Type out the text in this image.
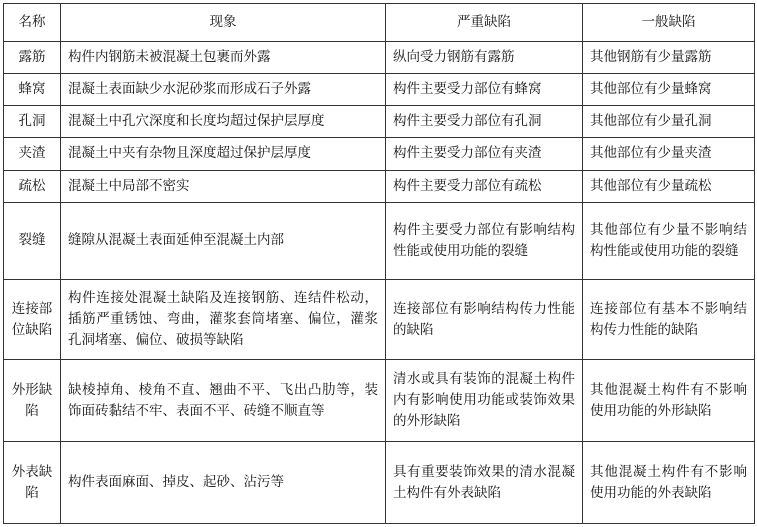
名称	现象	严重缺陷	一般缺陷
露筋	构件内钢筋未被混凝土包裹而外露	纵向受力钢筋有露筋	其他钢筋有少量露筋
蜂窝	混凝土表面缺少水泥砂浆而形成石子外露	构件主要受力部位有蜂窝	其他部位有少量蜂窝
孔洞	混凝土中孔穴深度和长度均超过保护层厚度	构件主要受力部位有孔洞	其他部位有少量孔洞
夹渣	混凝土中夹有杂物且深度超过保护层厚度	构件主要受力部位有夹渣	其他部位有少量夹渣
疏松	混凝土中局部不密实	构件主要受力部位有疏松	其他部位有少量疏松
裂缝	缝隙从混凝土表面延伸至混凝土内部	构件主要受力部位有影响结构性能或使用功能的裂缝	其他部位有少量不影响结构性能或使用功能的裂缝
连接部位缺陷	构件连接处混凝土缺陷及连接钢筋、连结件松动，插筋严重锈蚀、弯曲，灌浆套筒堵塞、偏位，灌浆孔洞堵塞、偏位、破损等缺陷	连接部位有影响结构传力性能的缺陷	连接部位有基本不影响结构传力性能的缺陷
外形缺陷	缺棱掉角、棱角不直、翘曲不平、飞出凸肋等，装饰面砖黏结不牢、表面不平、砖缝不顺直等	清水或具有装饰的混凝土构件内有影响使用功能或装饰效果的外形缺陷	其他混凝土构件有不影响使用功能的外形缺陷
外表缺陷	构件表面麻面、掉皮、起砂、沾污等	具有重要装饰效果的清水混凝土构件有外表缺陷	其他混凝土构件有不影响使用功能的外表缺陷
